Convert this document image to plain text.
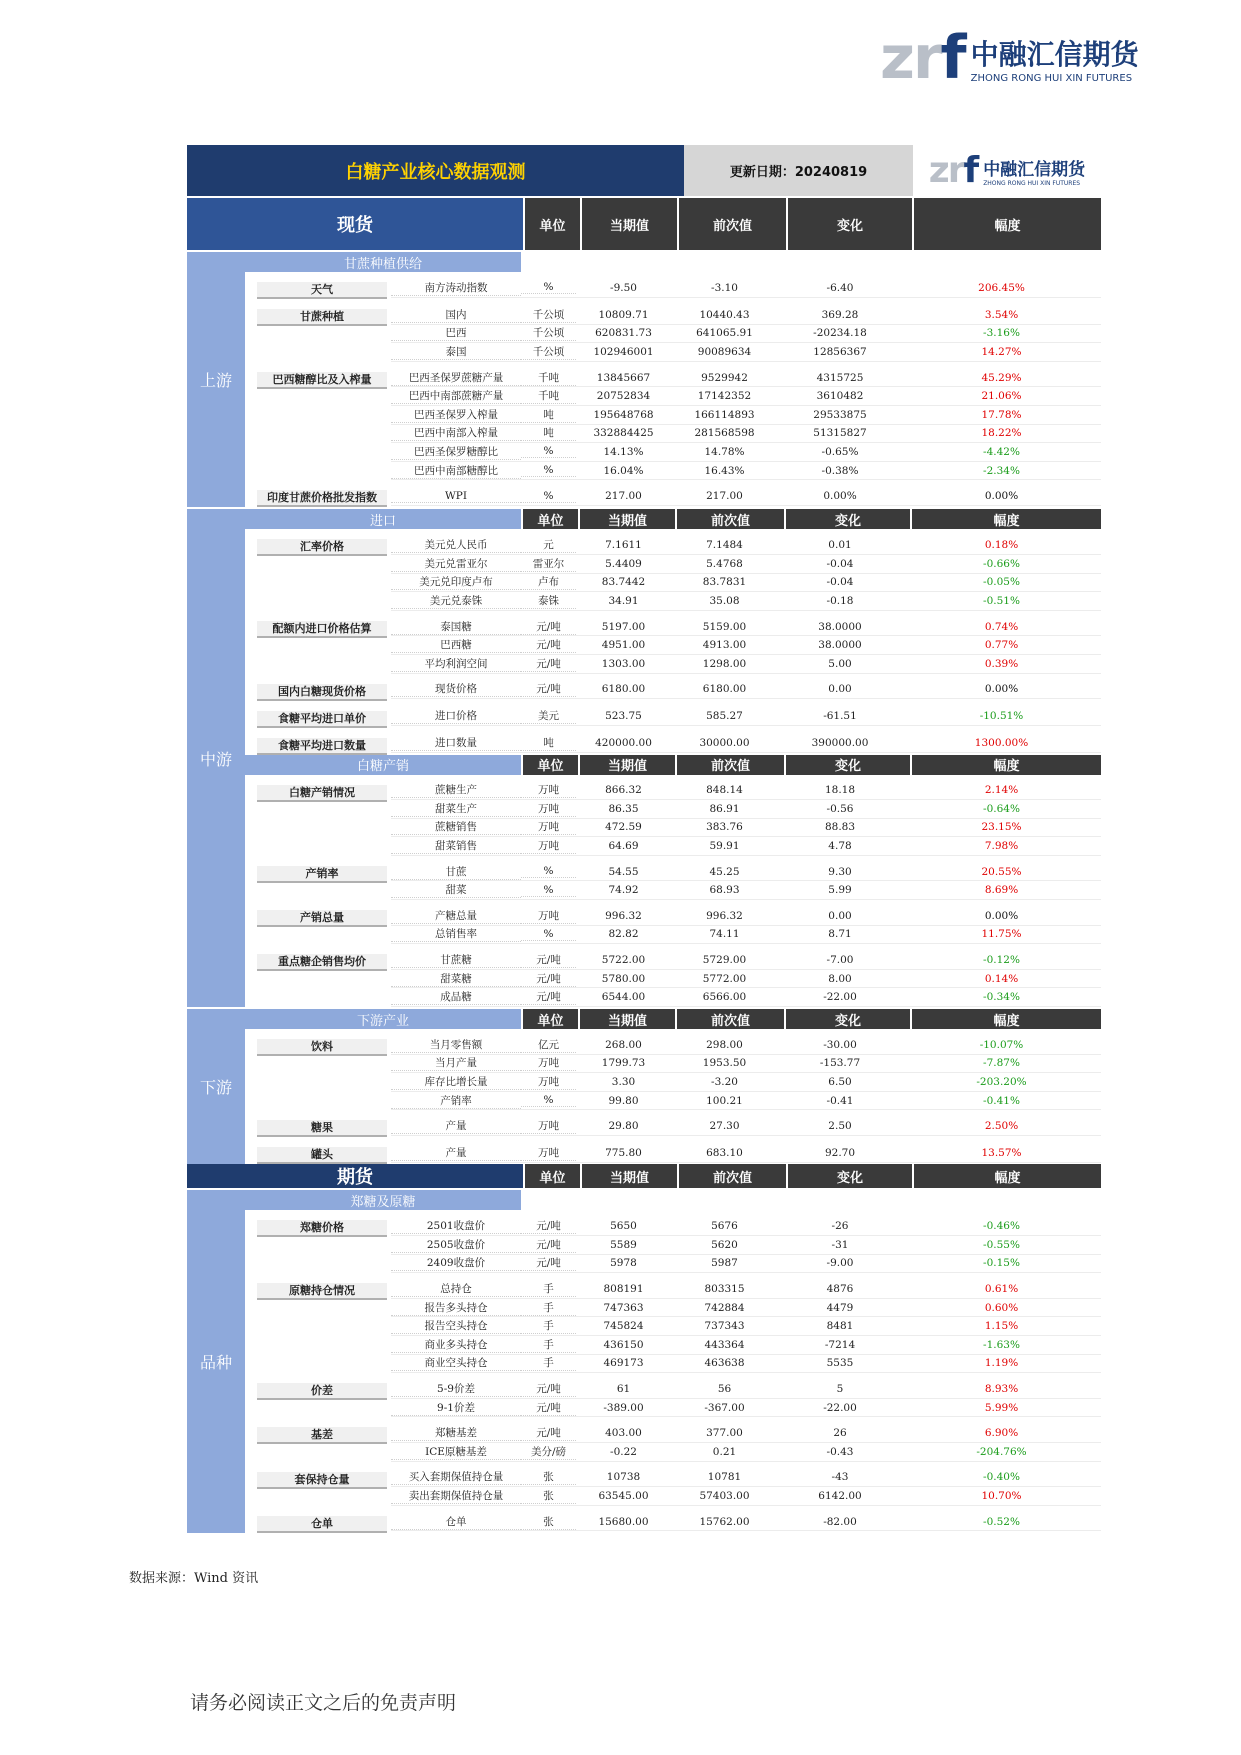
zrf 中融汇信期货
ZHONG RONG HUI XIN FUTURES
白糖产业核心数据观测	更新日期：20240819	zrf 中融汇信期货
ZHONG RONG HUI XIN FUTURES
现货	单位	当期值	前次值	变化	幅度
上游
甘蔗种植供给
天气	南方涛动指数	%	-9.50	-3.10	-6.40	206.45%
甘蔗种植	国内	千公顷	10809.71	10440.43	369.28	3.54%
巴西	千公顷	620831.73	641065.91	-20234.18	-3.16%
泰国	千公顷	102946001	90089634	12856367	14.27%
巴西糖醇比及入榨量	巴西圣保罗蔗糖产量	千吨	13845667	9529942	4315725	45.29%
巴西中南部蔗糖产量	千吨	20752834	17142352	3610482	21.06%
巴西圣保罗入榨量	吨	195648768	166114893	29533875	17.78%
巴西中南部入榨量	吨	332884425	281568598	51315827	18.22%
巴西圣保罗糖醇比	%	14.13%	14.78%	-0.65%	-4.42%
巴西中南部糖醇比	%	16.04%	16.43%	-0.38%	-2.34%
印度甘蔗价格批发指数	WPI	%	217.00	217.00	0.00%	0.00%
中游
进口	单位	当期值	前次值	变化	幅度
汇率价格	美元兑人民币	元	7.1611	7.1484	0.01	0.18%
美元兑雷亚尔	雷亚尔	5.4409	5.4768	-0.04	-0.66%
美元兑印度卢布	卢布	83.7442	83.7831	-0.04	-0.05%
美元兑泰铢	泰铢	34.91	35.08	-0.18	-0.51%
配额内进口价格估算	泰国糖	元/吨	5197.00	5159.00	38.0000	0.74%
巴西糖	元/吨	4951.00	4913.00	38.0000	0.77%
平均利润空间	元/吨	1303.00	1298.00	5.00	0.39%
国内白糖现货价格	现货价格	元/吨	6180.00	6180.00	0.00	0.00%
食糖平均进口单价	进口价格	美元	523.75	585.27	-61.51	-10.51%
食糖平均进口数量	进口数量	吨	420000.00	30000.00	390000.00	1300.00%
白糖产销	单位	当期值	前次值	变化	幅度
白糖产销情况	蔗糖生产	万吨	866.32	848.14	18.18	2.14%
甜菜生产	万吨	86.35	86.91	-0.56	-0.64%
蔗糖销售	万吨	472.59	383.76	88.83	23.15%
甜菜销售	万吨	64.69	59.91	4.78	7.98%
产销率	甘蔗	%	54.55	45.25	9.30	20.55%
甜菜	%	74.92	68.93	5.99	8.69%
产销总量	产糖总量	万吨	996.32	996.32	0.00	0.00%
总销售率	%	82.82	74.11	8.71	11.75%
重点糖企销售均价	甘蔗糖	元/吨	5722.00	5729.00	-7.00	-0.12%
甜菜糖	元/吨	5780.00	5772.00	8.00	0.14%
成品糖	元/吨	6544.00	6566.00	-22.00	-0.34%
下游
下游产业	单位	当期值	前次值	变化	幅度
饮料	当月零售额	亿元	268.00	298.00	-30.00	-10.07%
当月产量	万吨	1799.73	1953.50	-153.77	-7.87%
库存比增长量	万吨	3.30	-3.20	6.50	-203.20%
产销率	%	99.80	100.21	-0.41	-0.41%
糖果	产量	万吨	29.80	27.30	2.50	2.50%
罐头	产量	万吨	775.80	683.10	92.70	13.57%
期货	单位	当期值	前次值	变化	幅度
品种
郑糖及原糖
郑糖价格	2501收盘价	元/吨	5650	5676	-26	-0.46%
2505收盘价	元/吨	5589	5620	-31	-0.55%
2409收盘价	元/吨	5978	5987	-9.00	-0.15%
原糖持仓情况	总持仓	手	808191	803315	4876	0.61%
报告多头持仓	手	747363	742884	4479	0.60%
报告空头持仓	手	745824	737343	8481	1.15%
商业多头持仓	手	436150	443364	-7214	-1.63%
商业空头持仓	手	469173	463638	5535	1.19%
价差	5-9价差	元/吨	61	56	5	8.93%
9-1价差	元/吨	-389.00	-367.00	-22.00	5.99%
基差	郑糖基差	元/吨	403.00	377.00	26	6.90%
ICE原糖基差	美分/磅	-0.22	0.21	-0.43	-204.76%
套保持仓量	买入套期保值持仓量	张	10738	10781	-43	-0.40%
卖出套期保值持仓量	张	63545.00	57403.00	6142.00	10.70%
仓单	仓单	张	15680.00	15762.00	-82.00	-0.52%
数据来源：Wind 资讯
请务必阅读正文之后的免责声明
